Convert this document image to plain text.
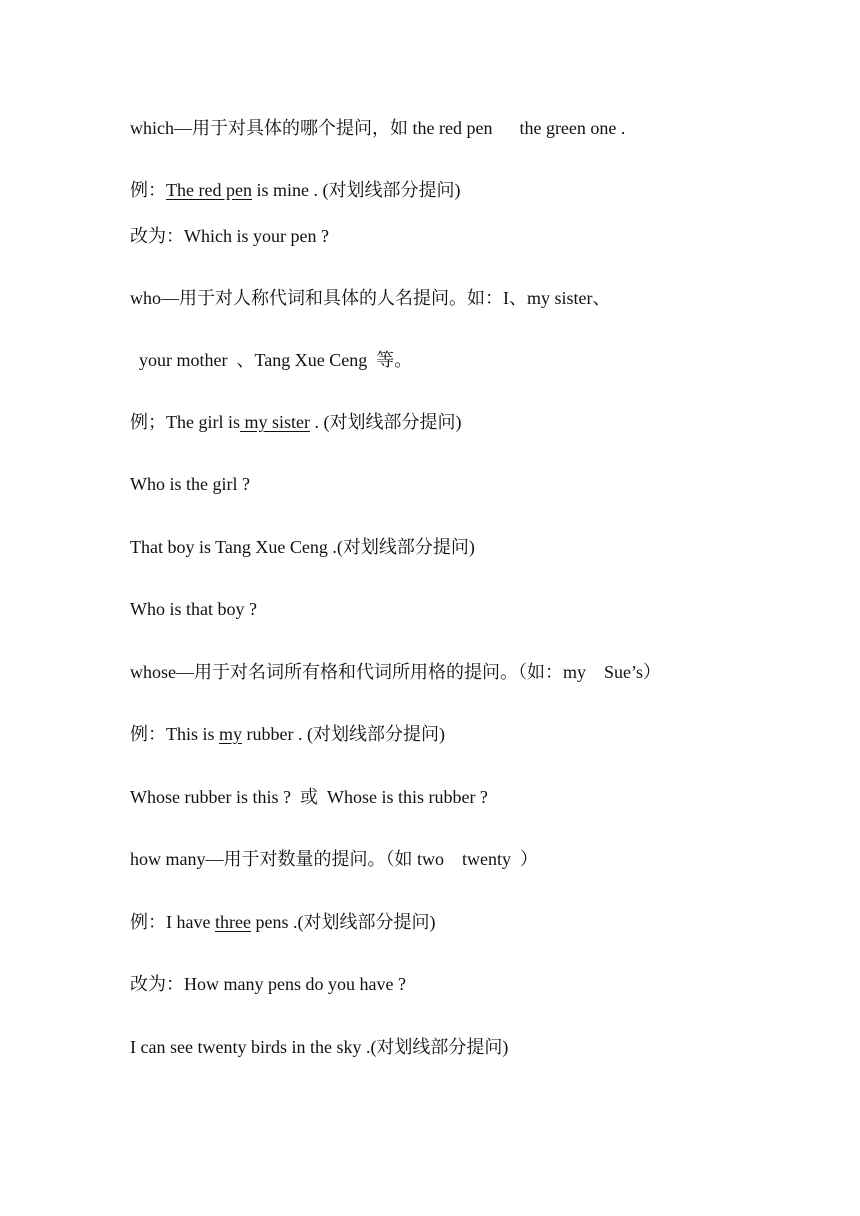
which—用于对具体的哪个提问，如 the red pen      the green one .
例：The red pen is mine . (对划线部分提问)
改为：Which is your pen ?
who—用于对人称代词和具体的人名提问。如：I、my sister、
your mother  、Tang Xue Ceng  等。
例；The girl is my sister . (对划线部分提问)
Who is the girl ?
That boy is Tang Xue Ceng .(对划线部分提问)
Who is that boy ?
whose—用于对名词所有格和代词所用格的提问。（如：my    Sue’s）
例：This is my rubber . (对划线部分提问)
Whose rubber is this ?  或  Whose is this rubber ?
how many—用于对数量的提问。（如 two    twenty  ）
例：I have three pens .(对划线部分提问)
改为：How many pens do you have ?
I can see twenty birds in the sky .(对划线部分提问)
